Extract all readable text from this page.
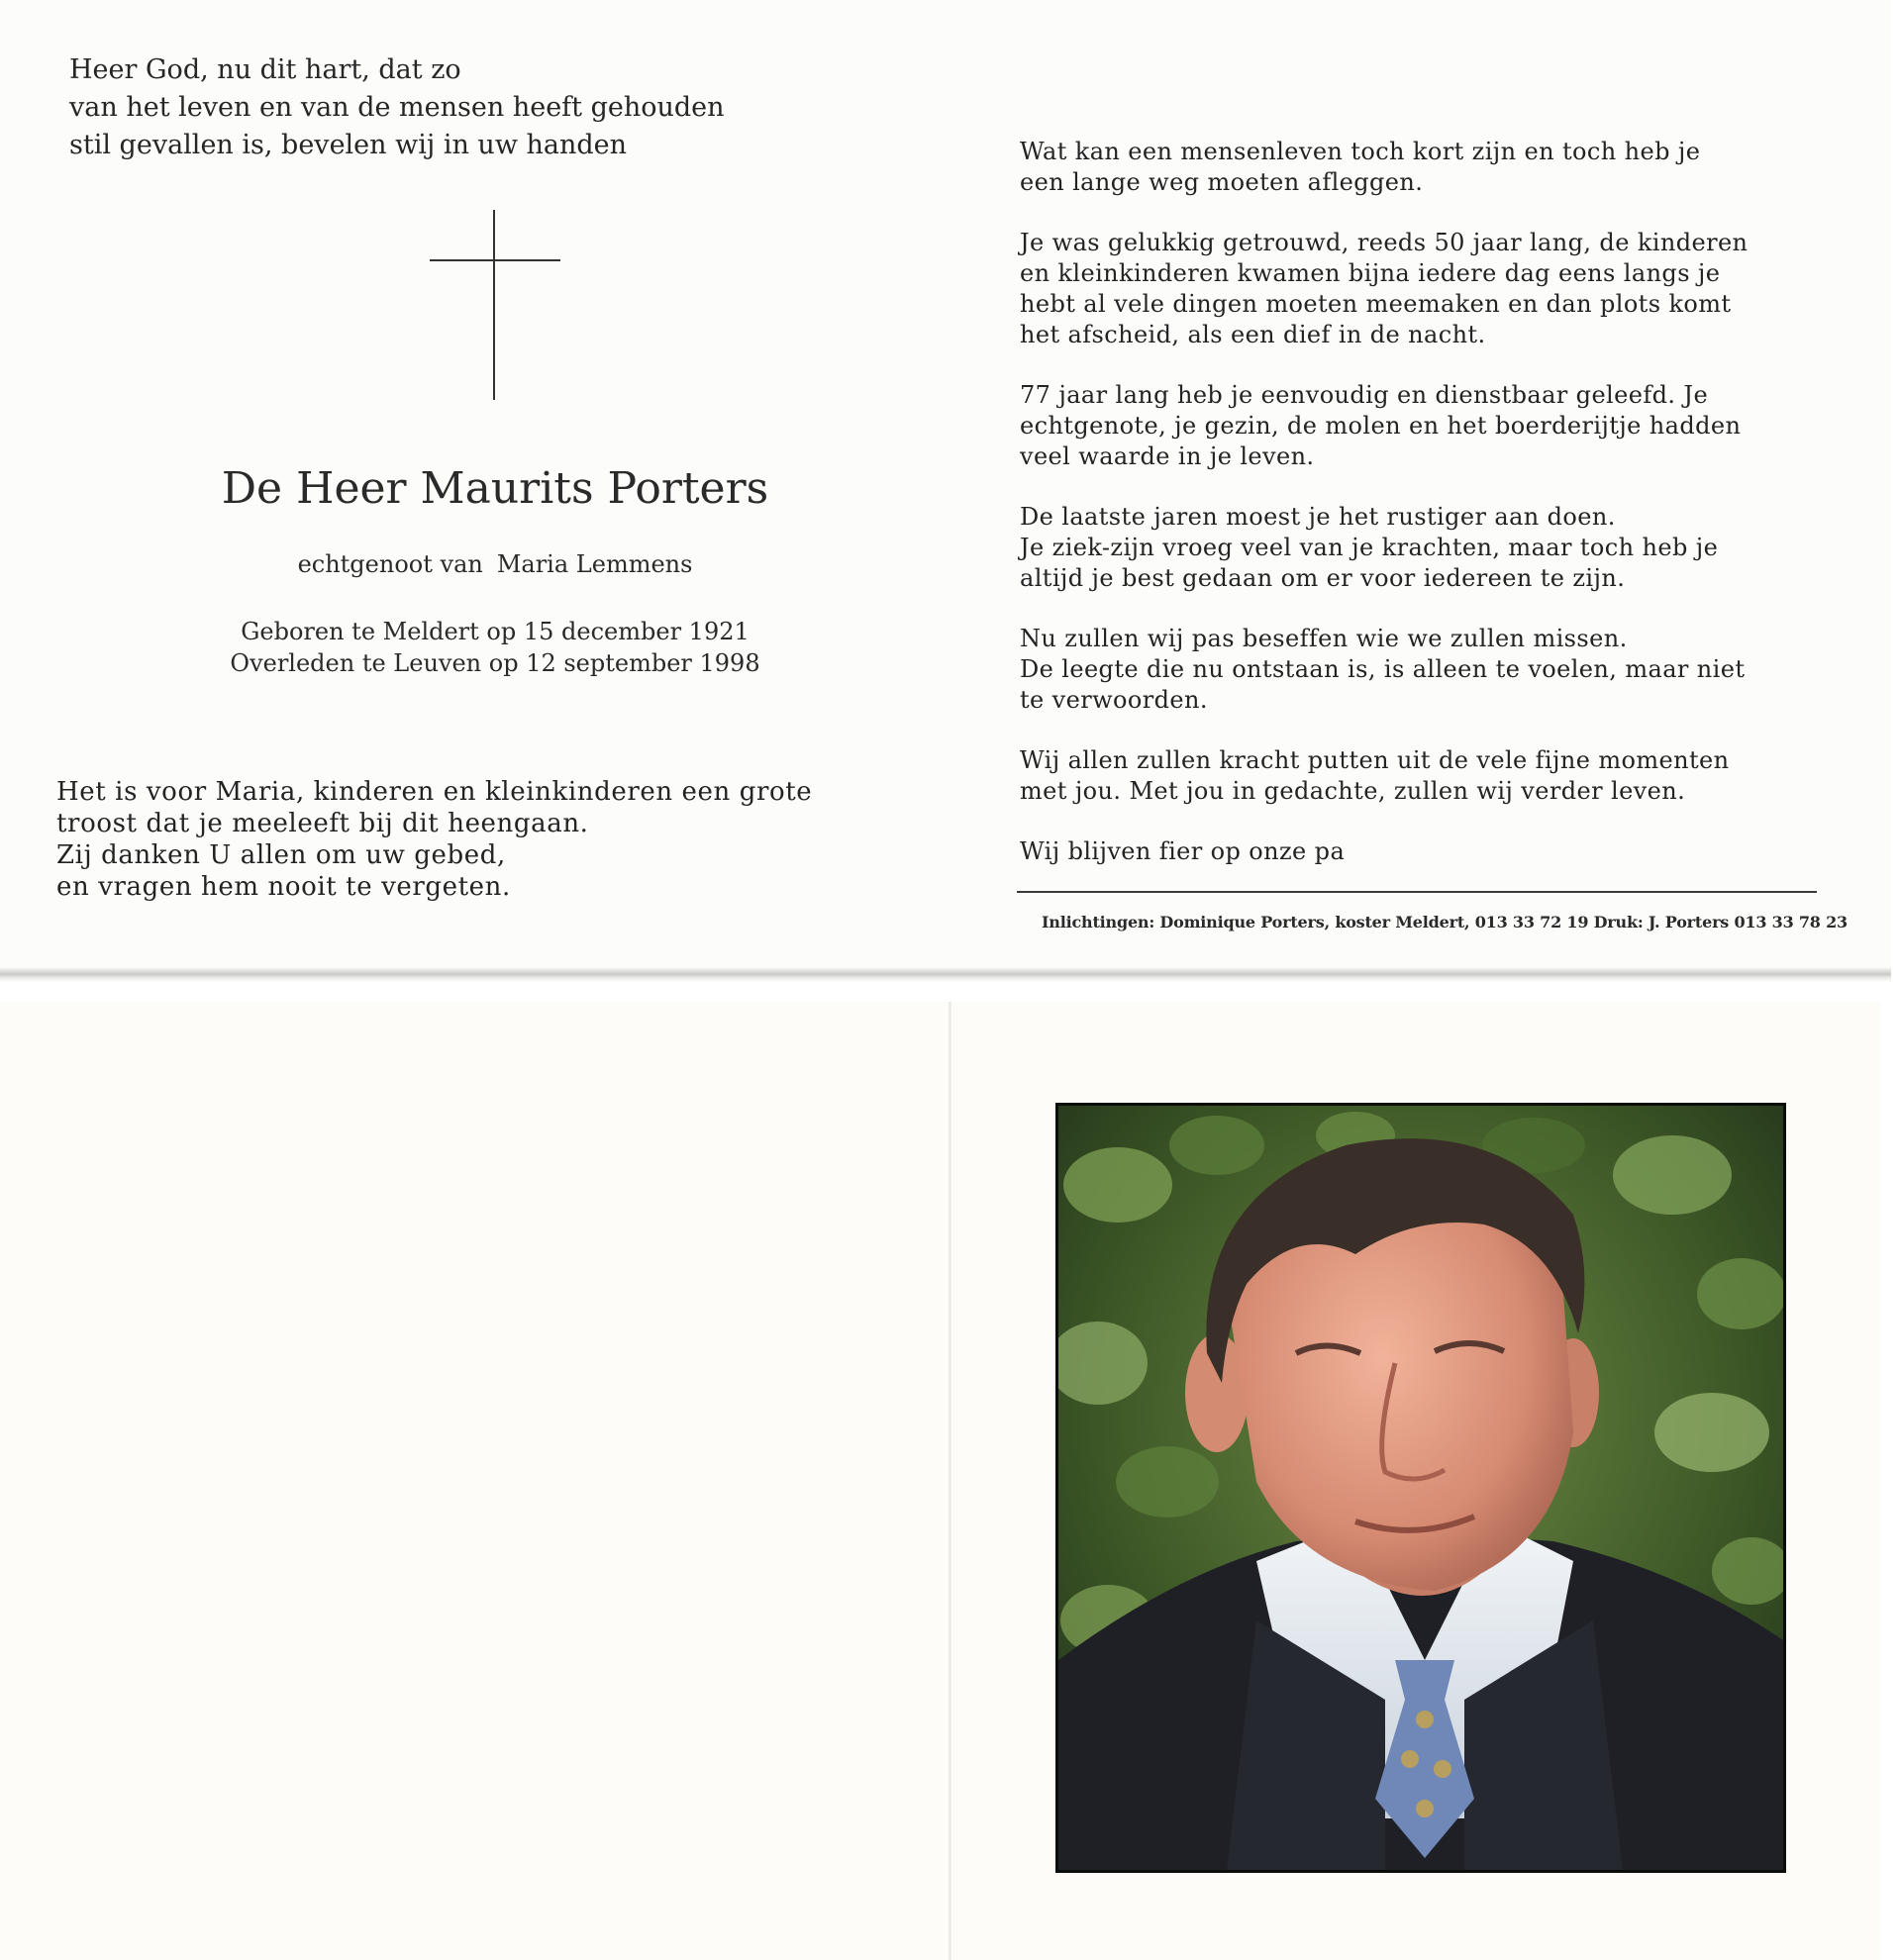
Heer God, nu dit hart, dat zo
van het leven en van de mensen heeft gehouden
stil gevallen is, bevelen wij in uw handen
De Heer Maurits Porters
echtgenoot van Maria Lemmens
Geboren te Meldert op 15 december 1921
Overleden te Leuven op 12 september 1998
Het is voor Maria, kinderen en kleinkinderen een grote
troost dat je meeleeft bij dit heengaan.
Zij danken U allen om uw gebed,
en vragen hem nooit te vergeten.
Wat kan een mensenleven toch kort zijn en toch heb je
een lange weg moeten afleggen.
Je was gelukkig getrouwd, reeds 50 jaar lang, de kinderen
en kleinkinderen kwamen bijna iedere dag eens langs je
hebt al vele dingen moeten meemaken en dan plots komt
het afscheid, als een dief in de nacht.
77 jaar lang heb je eenvoudig en dienstbaar geleefd. Je
echtgenote, je gezin, de molen en het boerderijtje hadden
veel waarde in je leven.
De laatste jaren moest je het rustiger aan doen.
Je ziek-zijn vroeg veel van je krachten, maar toch heb je
altijd je best gedaan om er voor iedereen te zijn.
Nu zullen wij pas beseffen wie we zullen missen.
De leegte die nu ontstaan is, is alleen te voelen, maar niet
te verwoorden.
Wij allen zullen kracht putten uit de vele fijne momenten
met jou. Met jou in gedachte, zullen wij verder leven.
Wij blijven fier op onze pa
Inlichtingen: Dominique Porters, koster Meldert, 013 33 72 19 Druk: J. Porters 013 33 78 23
